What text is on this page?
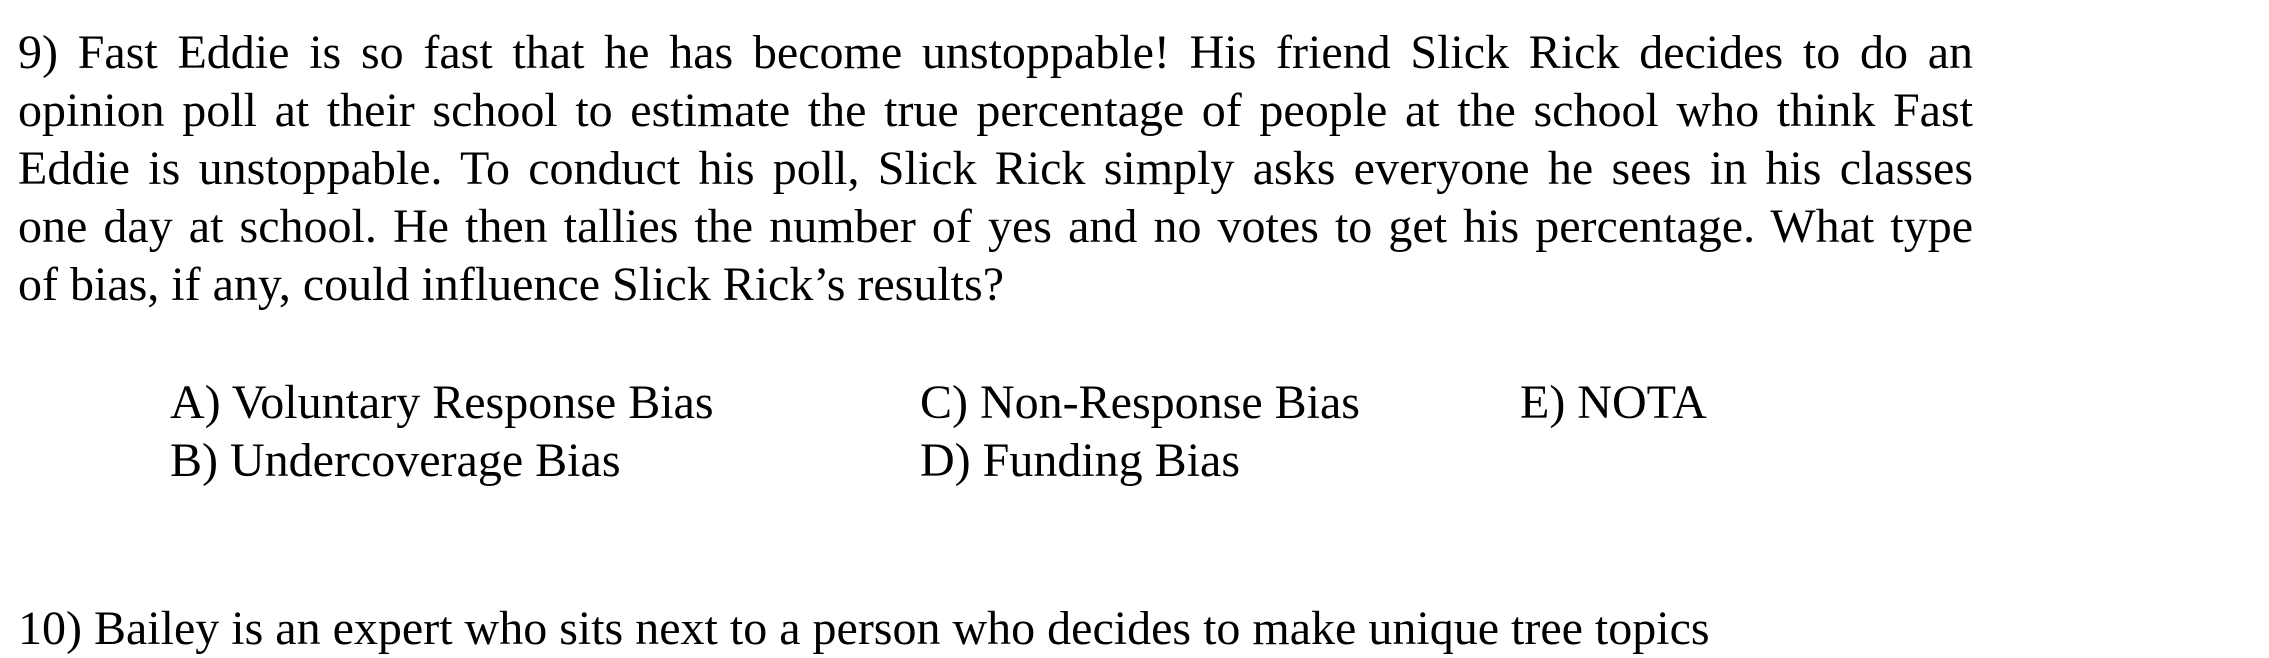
9) Fast Eddie is so fast that he has become unstoppable! His friend Slick Rick decides to do an
opinion poll at their school to estimate the true percentage of people at the school who think Fast
Eddie is unstoppable. To conduct his poll, Slick Rick simply asks everyone he sees in his classes
one day at school. He then tallies the number of yes and no votes to get his percentage. What type
of bias, if any, could influence Slick Rick’s results?
A) Voluntary Response Bias
B) Undercoverage Bias
C) Non-Response Bias
D) Funding Bias
E) NOTA
10) Bailey is an expert who sits next to a person who decides to make unique tree topics
